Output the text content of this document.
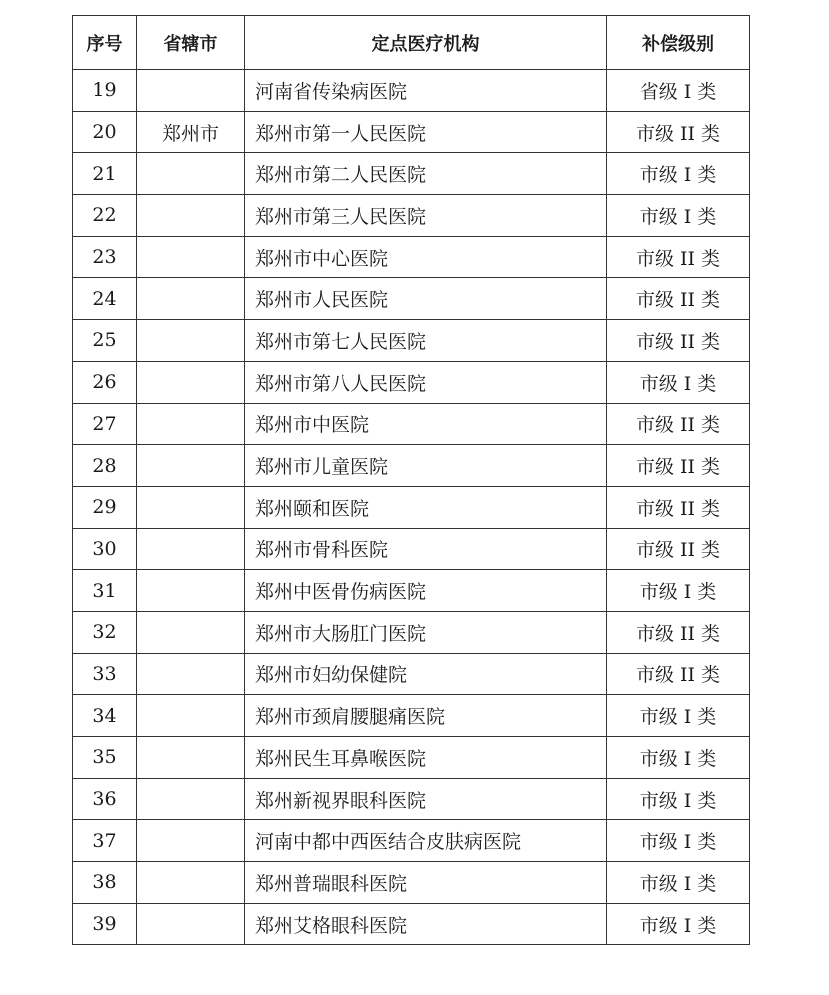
序号	省辖市	定点医疗机构	补偿级别
19		河南省传染病医院	省级 I 类
20	郑州市	郑州市第一人民医院	市级 II 类
21		郑州市第二人民医院	市级 I 类
22		郑州市第三人民医院	市级 I 类
23		郑州市中心医院	市级 II 类
24		郑州市人民医院	市级 II 类
25		郑州市第七人民医院	市级 II 类
26		郑州市第八人民医院	市级 I 类
27		郑州市中医院	市级 II 类
28		郑州市儿童医院	市级 II 类
29		郑州颐和医院	市级 II 类
30		郑州市骨科医院	市级 II 类
31		郑州中医骨伤病医院	市级 I 类
32		郑州市大肠肛门医院	市级 II 类
33		郑州市妇幼保健院	市级 II 类
34		郑州市颈肩腰腿痛医院	市级 I 类
35		郑州民生耳鼻喉医院	市级 I 类
36		郑州新视界眼科医院	市级 I 类
37		河南中都中西医结合皮肤病医院	市级 I 类
38		郑州普瑞眼科医院	市级 I 类
39		郑州艾格眼科医院	市级 I 类
